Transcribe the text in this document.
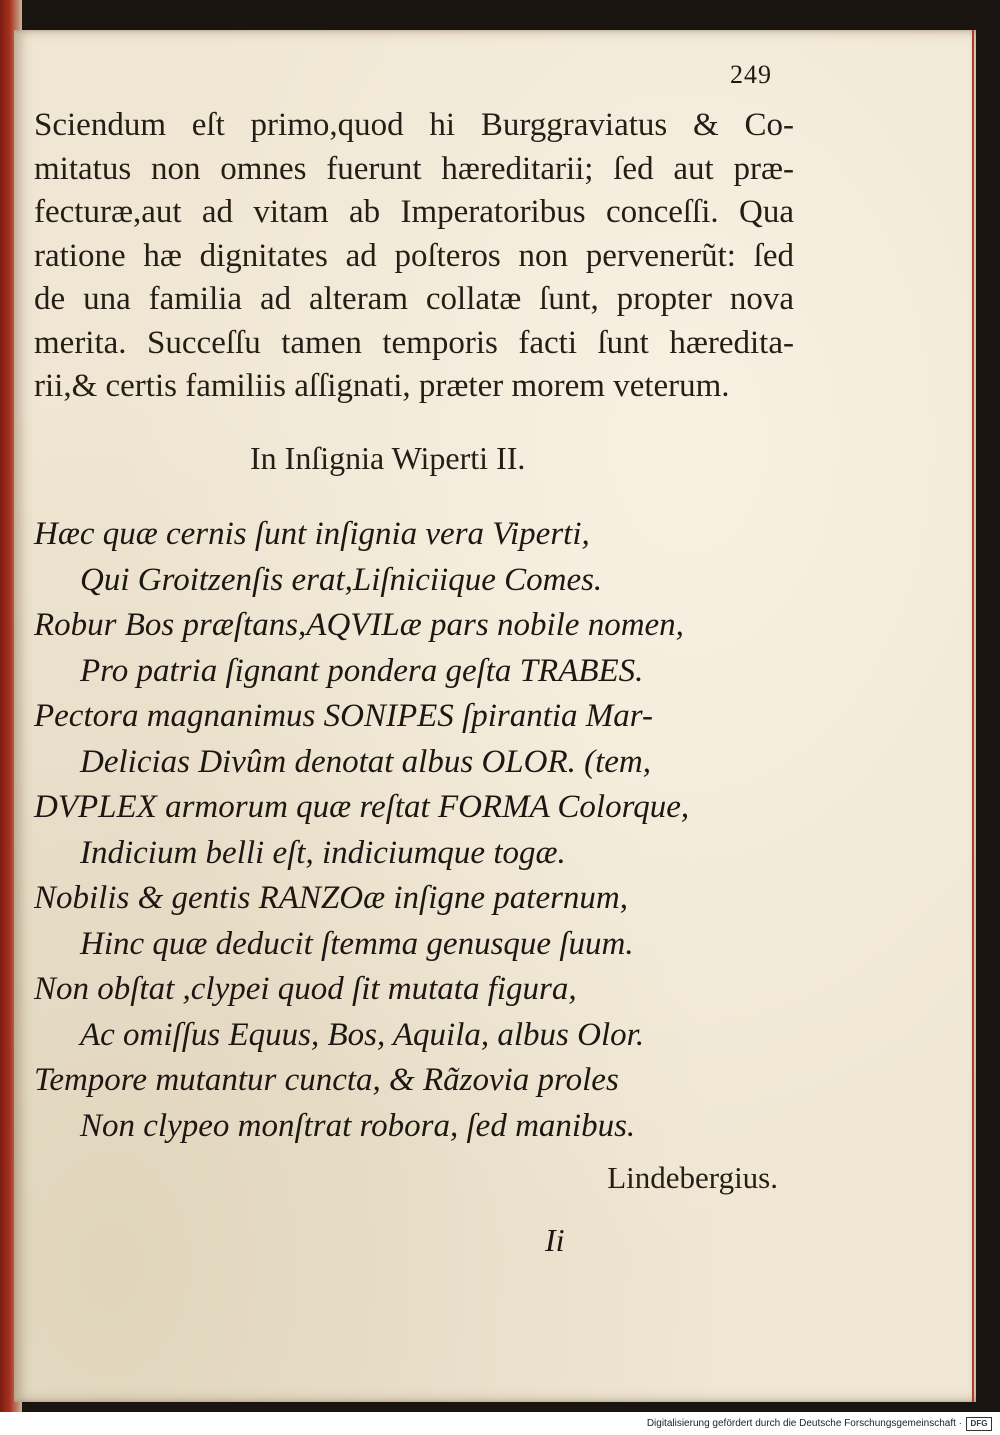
249
Sciendum eſt primo,quod hi Burggraviatus & Co-
mitatus non omnes fuerunt hæreditarii; ſed aut præ-
fecturæ,aut ad vitam ab Imperatoribus conceſſi. Qua
ratione hæ dignitates ad poſteros non pervenerũt: ſed
de una familia ad alteram collatæ ſunt, propter nova
merita. Succeſſu tamen temporis facti ſunt hæredita-
rii,& certis familiis aſſignati, præter morem veterum.
In Inſignia Wiperti II.
Hæc quæ cernis ſunt inſignia vera Viperti,
Qui Groitzenſis erat,Liſniciique Comes.
Robur Bos præſtans,AQVILæ pars nobile nomen,
Pro patria ſignant pondera geſta TRABES.
Pectora magnanimus SONIPES ſpirantia Mar-
Delicias Divûm denotat albus OLOR. (tem,
DVPLEX armorum quæ reſtat FORMA Colorque,
Indicium belli eſt, indiciumque togæ.
Nobilis & gentis RANZOæ inſigne paternum,
Hinc quæ deducit ſtemma genusque ſuum.
Non obſtat ,clypei quod ſit mutata figura,
Ac omiſſus Equus, Bos, Aquila, albus Olor.
Tempore mutantur cuncta, & Rãzovia proles
Non clypeo monſtrat robora, ſed manibus.
Lindebergius.
Ii
Digitalisierung gefördert durch die Deutsche Forschungsgemeinschaft · DFG
